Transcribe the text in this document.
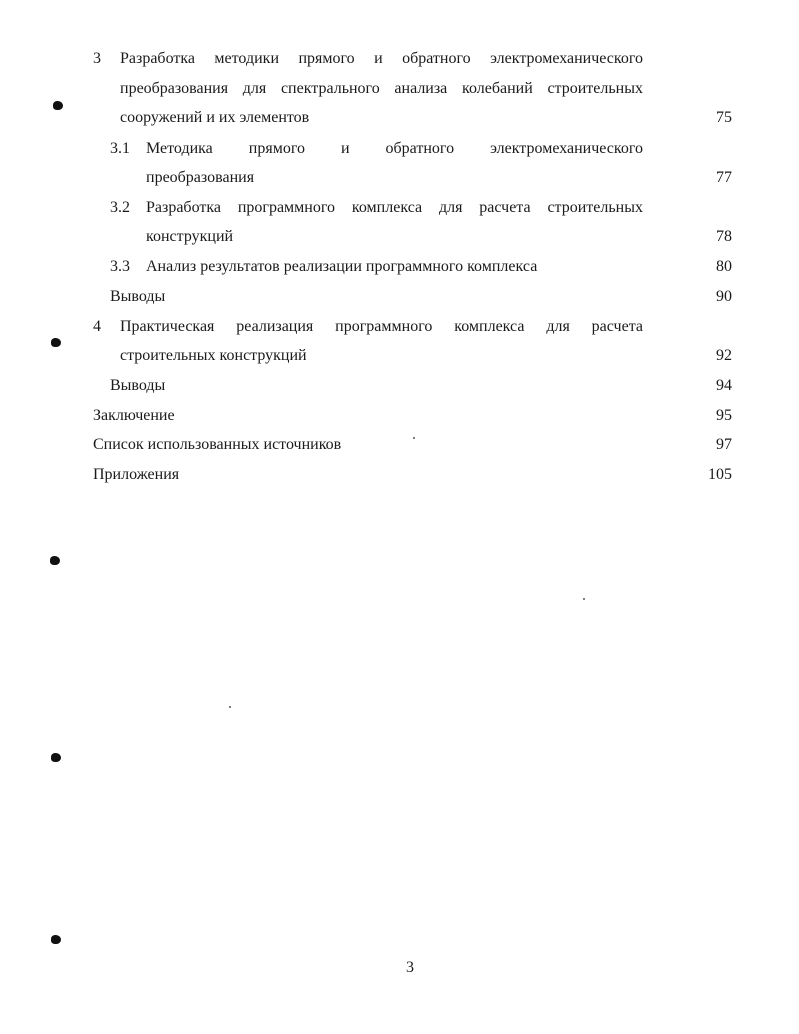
3 Разработка методики прямого и обратного электромеханического
преобразования для спектрального анализа колебаний строительных
сооружений и их элементов	75
3.1 Методика прямого и обратного электромеханического
преобразования	77
3.2 Разработка программного комплекса для расчета строительных
конструкций	78
3.3 Анализ результатов реализации программного комплекса	80
Выводы	90
4 Практическая реализация программного комплекса для расчета
строительных конструкций	92
Выводы	94
Заключение	95
Список использованных источников	97
Приложения	105
3
